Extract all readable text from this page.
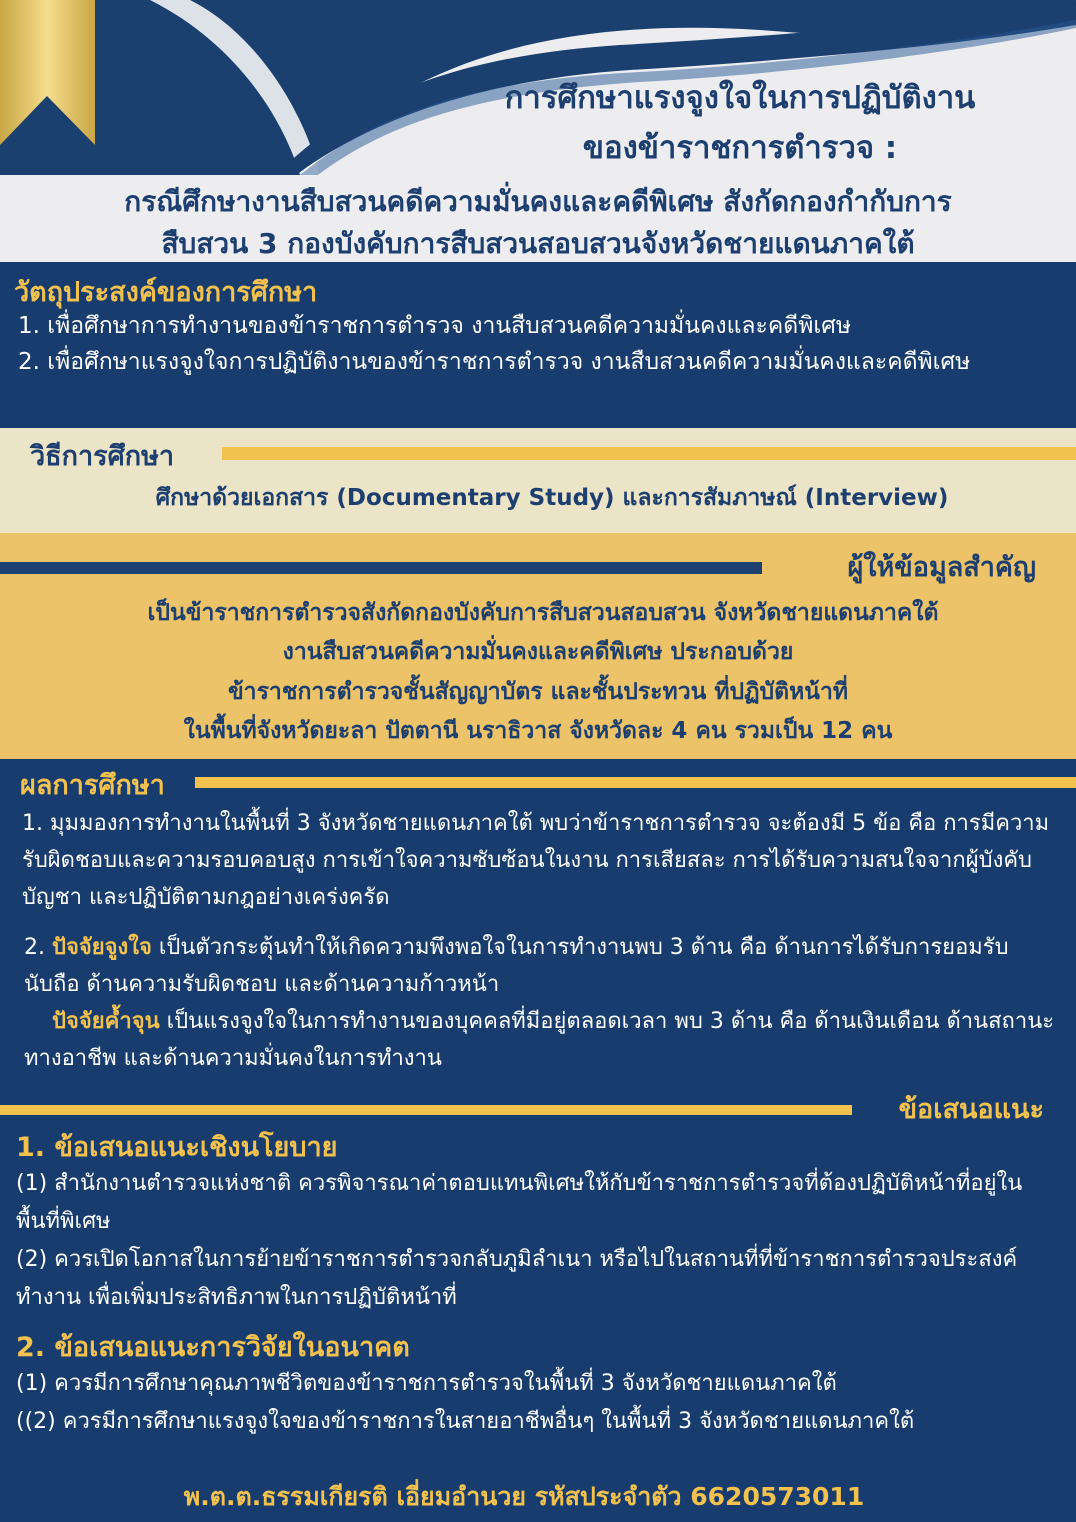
การศึกษาแรงจูงใจในการปฏิบัติงาน
ของข้าราชการตำรวจ :
กรณีศึกษางานสืบสวนคดีความมั่นคงและคดีพิเศษ สังกัดกองกำกับการ
สืบสวน 3 กองบังคับการสืบสวนสอบสวนจังหวัดชายแดนภาคใต้
วัตถุประสงค์ของการศึกษา
1. เพื่อศึกษาการทำงานของข้าราชการตำรวจ งานสืบสวนคดีความมั่นคงและคดีพิเศษ
2. เพื่อศึกษาแรงจูงใจการปฏิบัติงานของข้าราชการตำรวจ งานสืบสวนคดีความมั่นคงและคดีพิเศษ
วิธีการศึกษา
ศึกษาด้วยเอกสาร (Documentary Study) และการสัมภาษณ์ (Interview)
ผู้ให้ข้อมูลสำคัญ
เป็นข้าราชการตำรวจสังกัดกองบังคับการสืบสวนสอบสวน จังหวัดชายแดนภาคใต้
งานสืบสวนคดีความมั่นคงและคดีพิเศษ ประกอบด้วย
ข้าราชการตำรวจชั้นสัญญาบัตร และชั้นประทวน ที่ปฏิบัติหน้าที่
ในพื้นที่จังหวัดยะลา ปัตตานี นราธิวาส จังหวัดละ 4 คน รวมเป็น 12 คน
ผลการศึกษา
1. มุมมองการทำงานในพื้นที่ 3 จังหวัดชายแดนภาคใต้ พบว่าข้าราชการตำรวจ จะต้องมี 5 ข้อ คือ การมีความรับผิดชอบและความรอบคอบสูง การเข้าใจความซับซ้อนในงาน การเสียสละ การได้รับความสนใจจากผู้บังคับบัญชา และปฏิบัติตามกฎอย่างเคร่งครัด
2. ปัจจัยจูงใจ เป็นตัวกระตุ้นทำให้เกิดความพึงพอใจในการทำงานพบ 3 ด้าน คือ ด้านการได้รับการยอมรับนับถือ ด้านความรับผิดชอบ และด้านความก้าวหน้า
ปัจจัยค้ำจุน เป็นแรงจูงใจในการทำงานของบุคคลที่มีอยู่ตลอดเวลา พบ 3 ด้าน คือ ด้านเงินเดือน ด้านสถานะทางอาชีพ และด้านความมั่นคงในการทำงาน
ข้อเสนอแนะ
1. ข้อเสนอแนะเชิงนโยบาย
(1) สำนักงานตำรวจแห่งชาติ ควรพิจารณาค่าตอบแทนพิเศษให้กับข้าราชการตำรวจที่ต้องปฏิบัติหน้าที่อยู่ในพื้นที่พิเศษ
(2) ควรเปิดโอกาสในการย้ายข้าราชการตำรวจกลับภูมิลำเนา หรือไปในสถานที่ที่ข้าราชการตำรวจประสงค์ทำงาน เพื่อเพิ่มประสิทธิภาพในการปฏิบัติหน้าที่
2. ข้อเสนอแนะการวิจัยในอนาคต
(1) ควรมีการศึกษาคุณภาพชีวิตของข้าราชการตำรวจในพื้นที่ 3 จังหวัดชายแดนภาคใต้
((2) ควรมีการศึกษาแรงจูงใจของข้าราชการในสายอาชีพอื่นๆ ในพื้นที่ 3 จังหวัดชายแดนภาคใต้
พ.ต.ต.ธรรมเกียรติ เอี่ยมอำนวย รหัสประจำตัว 6620573011
